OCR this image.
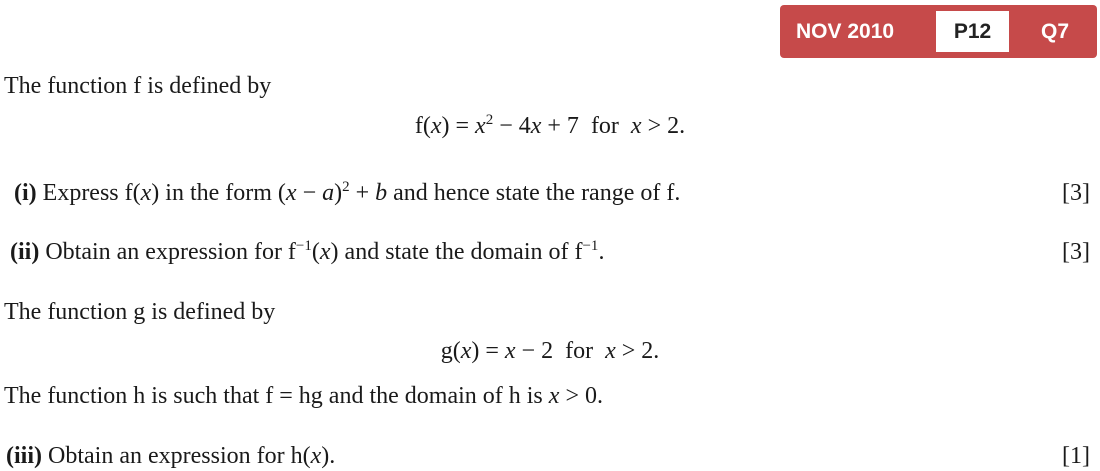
NOV 2010	P12	Q7
The function f is defined by
$f(x) = x^2 - 4x + 7$ for x > 2.
(i) Express f(x) in the form $(x - a)^2 + b$ and hence state the range of f.	[3]
(ii) Obtain an expression for $f^{-1}(x)$ and state the domain of $f^{-1}$.	[3]
The function g is defined by
g(x) = x − 2 for x > 2.
The function h is such that f = hg and the domain of h is x > 0.
(iii) Obtain an expression for h(x).	[1]
